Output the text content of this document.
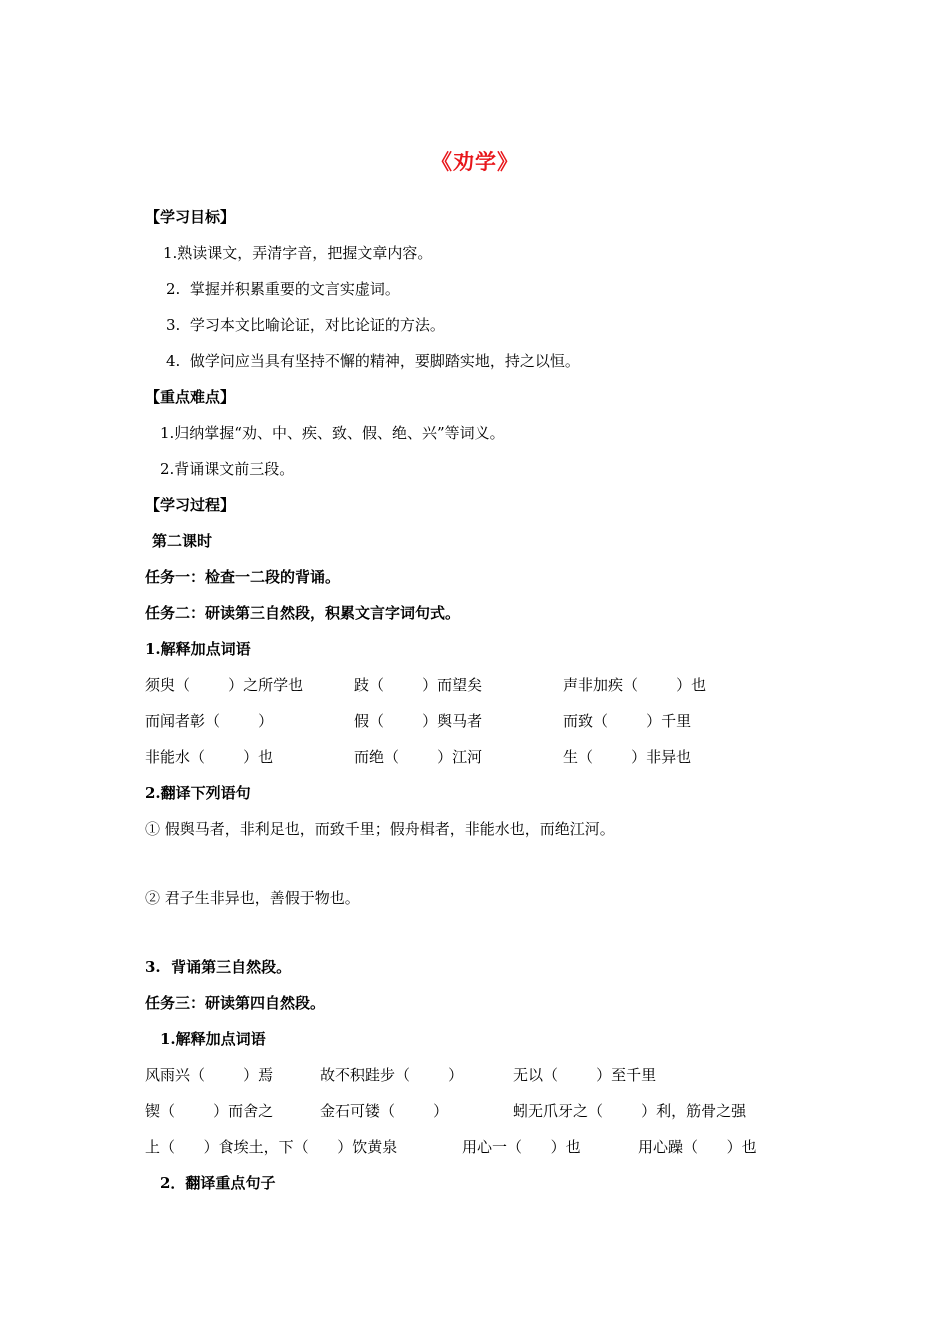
《劝学》
【学习目标】
1.熟读课文，弄清字音，把握文章内容。
2.  掌握并积累重要的文言实虚词。
3.  学习本文比喻论证，对比论证的方法。
4.  做学问应当具有坚持不懈的精神，要脚踏实地，持之以恒。
【重点难点】
1.归纳掌握“劝、中、疾、致、假、绝、兴”等词义。
2.背诵课文前三段。
【学习过程】
第二课时
任务一：检查一二段的背诵。
任务二：研读第三自然段，积累文言字词句式。
1.解释加点词语
须臾（        ）之所学也	跂（        ）而望矣	声非加疾（        ）也
而闻者彰（        ）	假（        ）舆马者	而致（        ）千里
非能水（        ）也	而绝（        ）江河	生（        ）非异也
2.翻译下列语句
① 假舆马者，非利足也，而致千里；假舟楫者，非能水也，而绝江河。
② 君子生非异也，善假于物也。
3.  背诵第三自然段。
任务三：研读第四自然段。
1.解释加点词语
风雨兴（        ）焉	故不积跬步（        ）	无以（        ）至千里
锲（        ）而舍之	金石可镂（        ）	蚓无爪牙之（        ）利，筋骨之强
上（      ）食埃土，下（      ）饮黄泉	用心一（      ）也	用心躁（      ）也
2．翻译重点句子
